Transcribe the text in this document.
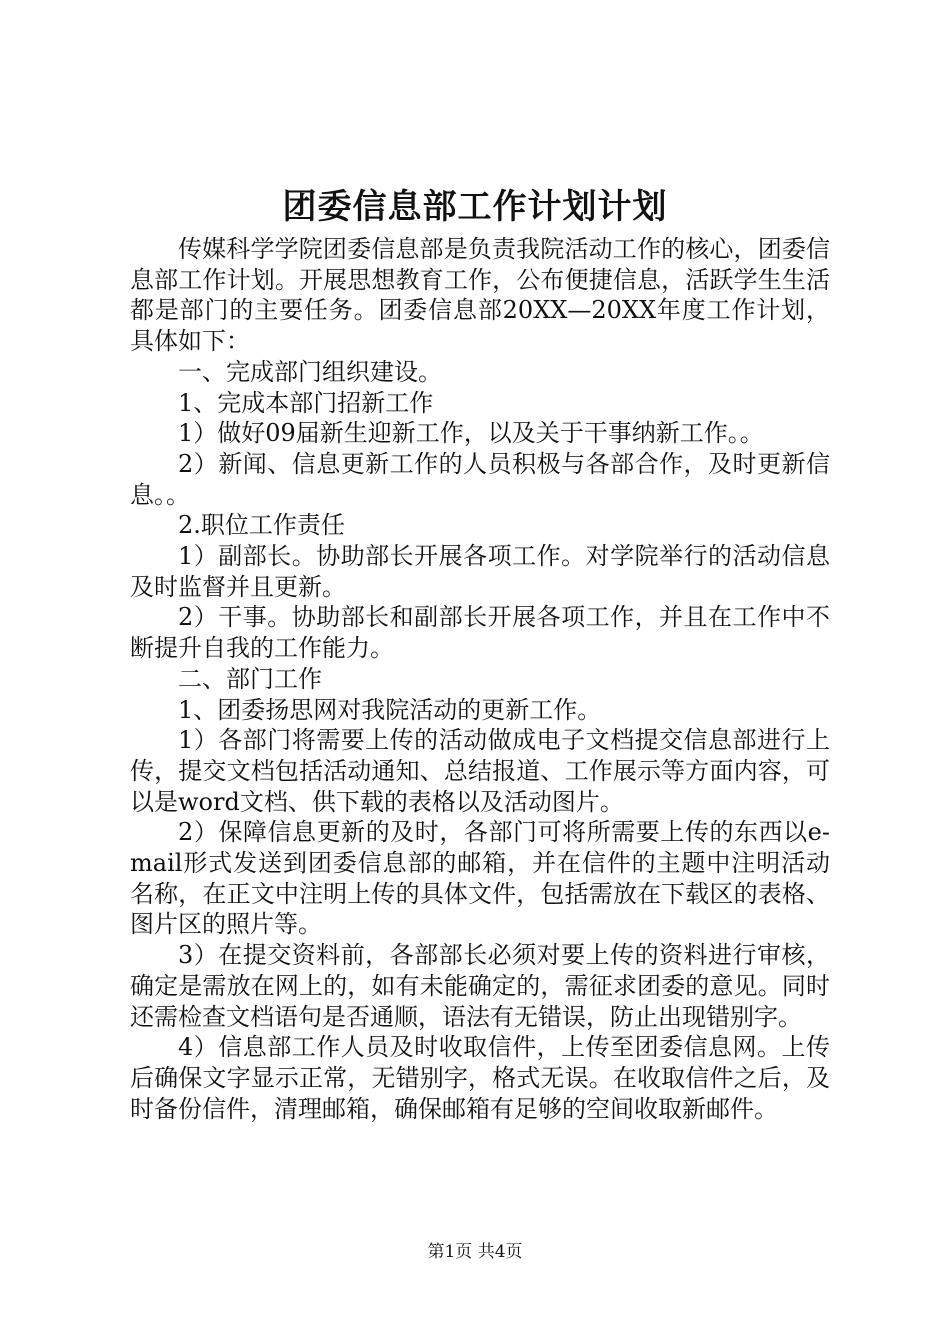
团委信息部工作计划计划

传媒科学学院团委信息部是负责我院活动工作的核心，团委信息部工作计划。开展思想教育工作，公布便捷信息，活跃学生生活都是部门的主要任务。团委信息部20XX—20XX年度工作计划，具体如下：

一、完成部门组织建设。

1、完成本部门招新工作

1）做好09届新生迎新工作，以及关于干事纳新工作。。

2）新闻、信息更新工作的人员积极与各部合作，及时更新信息。。

2.职位工作责任

1）副部长。协助部长开展各项工作。对学院举行的活动信息及时监督并且更新。

2）干事。协助部长和副部长开展各项工作，并且在工作中不断提升自我的工作能力。

二、部门工作

1、团委扬思网对我院活动的更新工作。

1）各部门将需要上传的活动做成电子文档提交信息部进行上传，提交文档包括活动通知、总结报道、工作展示等方面内容，可以是word文档、供下载的表格以及活动图片。

2）保障信息更新的及时，各部门可将所需要上传的东西以e-mail形式发送到团委信息部的邮箱，并在信件的主题中注明活动名称，在正文中注明上传的具体文件，包括需放在下载区的表格、图片区的照片等。

3）在提交资料前，各部部长必须对要上传的资料进行审核，确定是需放在网上的，如有未能确定的，需征求团委的意见。同时还需检查文档语句是否通顺，语法有无错误，防止出现错别字。

4）信息部工作人员及时收取信件，上传至团委信息网。上传后确保文字显示正常，无错别字，格式无误。在收取信件之后，及时备份信件，清理邮箱，确保邮箱有足够的空间收取新邮件。

第1页 共4页
